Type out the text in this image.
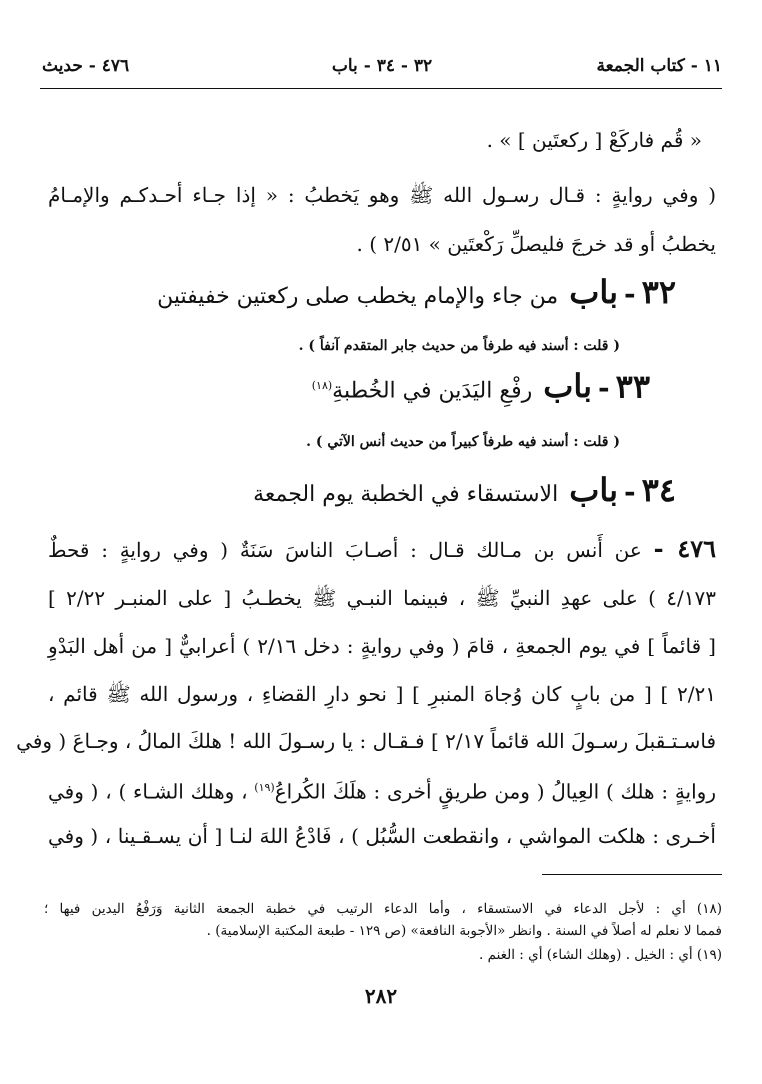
١١ - كتاب الجمعة
٣٢ - ٣٤ - باب
٤٧٦ - حديث
« قُم فاركَعْ [ ركعتَين ] » .
( وفي روايةٍ : قـال رسـول الله ﷺ وهو يَخطبُ : « إذا جـاء أحـدكـم والإمـامُ
يخطبُ أو قد خرجَ فليصلِّ رَكْعتَين » ٢/٥١ ) .
٣٢-باب من جاء والإمام يخطب صلى ركعتين خفيفتين
( قلت : أسند فيه طرفاً من حديث جابر المتقدم آنفاً ) .
٣٣-باب رفْعِ اليَدَين في الخُطبةِ$^{(١٨)}$
( قلت : أسند فيه طرفاً كبيراً من حديث أنس الآتي ) .
٣٤-باب الاستسقاء في الخطبة يوم الجمعة
٤٧٦ - عن أَنس بن مـالك قـال : أصـابَ الناسَ سَنَةٌ ( وفي روايةٍ : قحطٌ
٤/١٧٣ ) على عهدِ النبيِّ ﷺ ، فبينما النبـي ﷺ يخطـبُ [ على المنبـر ٢/٢٢ ]
[ قائماً ] في يوم الجمعةِ ، قامَ ( وفي روايةٍ : دخل ٢/١٦ ) أعرابيٌّ [ من أهل البَدْوِ
٢/٢١ ] [ من بابٍ كان وُجاهَ المنبرِ ] [ نحو دارِ القضاءِ ، ورسول الله ﷺ قائم ،
فاسـتـقبلَ رسـولَ الله قائماً ٢/١٧ ] فـقـال : يا رسـولَ الله ! هلكَ المالُ ، وجـاعَ ( وفي
روايةٍ : هلك ) العِيالُ ( ومن طريقٍ أخرى : هلَكَ الكُراعُ$^{(١٩)}$ ، وهلك الشـاء ) ، ( وفي
أخـرى : هلكت المواشي ، وانقطعت السُّبُل ) ، فَادْعُ اللهَ لنـا [ أن يسـقـينا ، ( وفي
(١٨) أي : لأجل الدعاء في الاستسقاء ، وأما الدعاء الرتيب في خطبة الجمعة الثانية وَرَفْعُ اليدين فيها ؛
فمما لا نعلم له أصلاً في السنة . وانظر «الأجوبة النافعة» (ص ١٢٩ - طبعة المكتبة الإسلامية) .
(١٩) أي : الخيل . (وهلك الشاء) أي : الغنم .
٢٨٢
